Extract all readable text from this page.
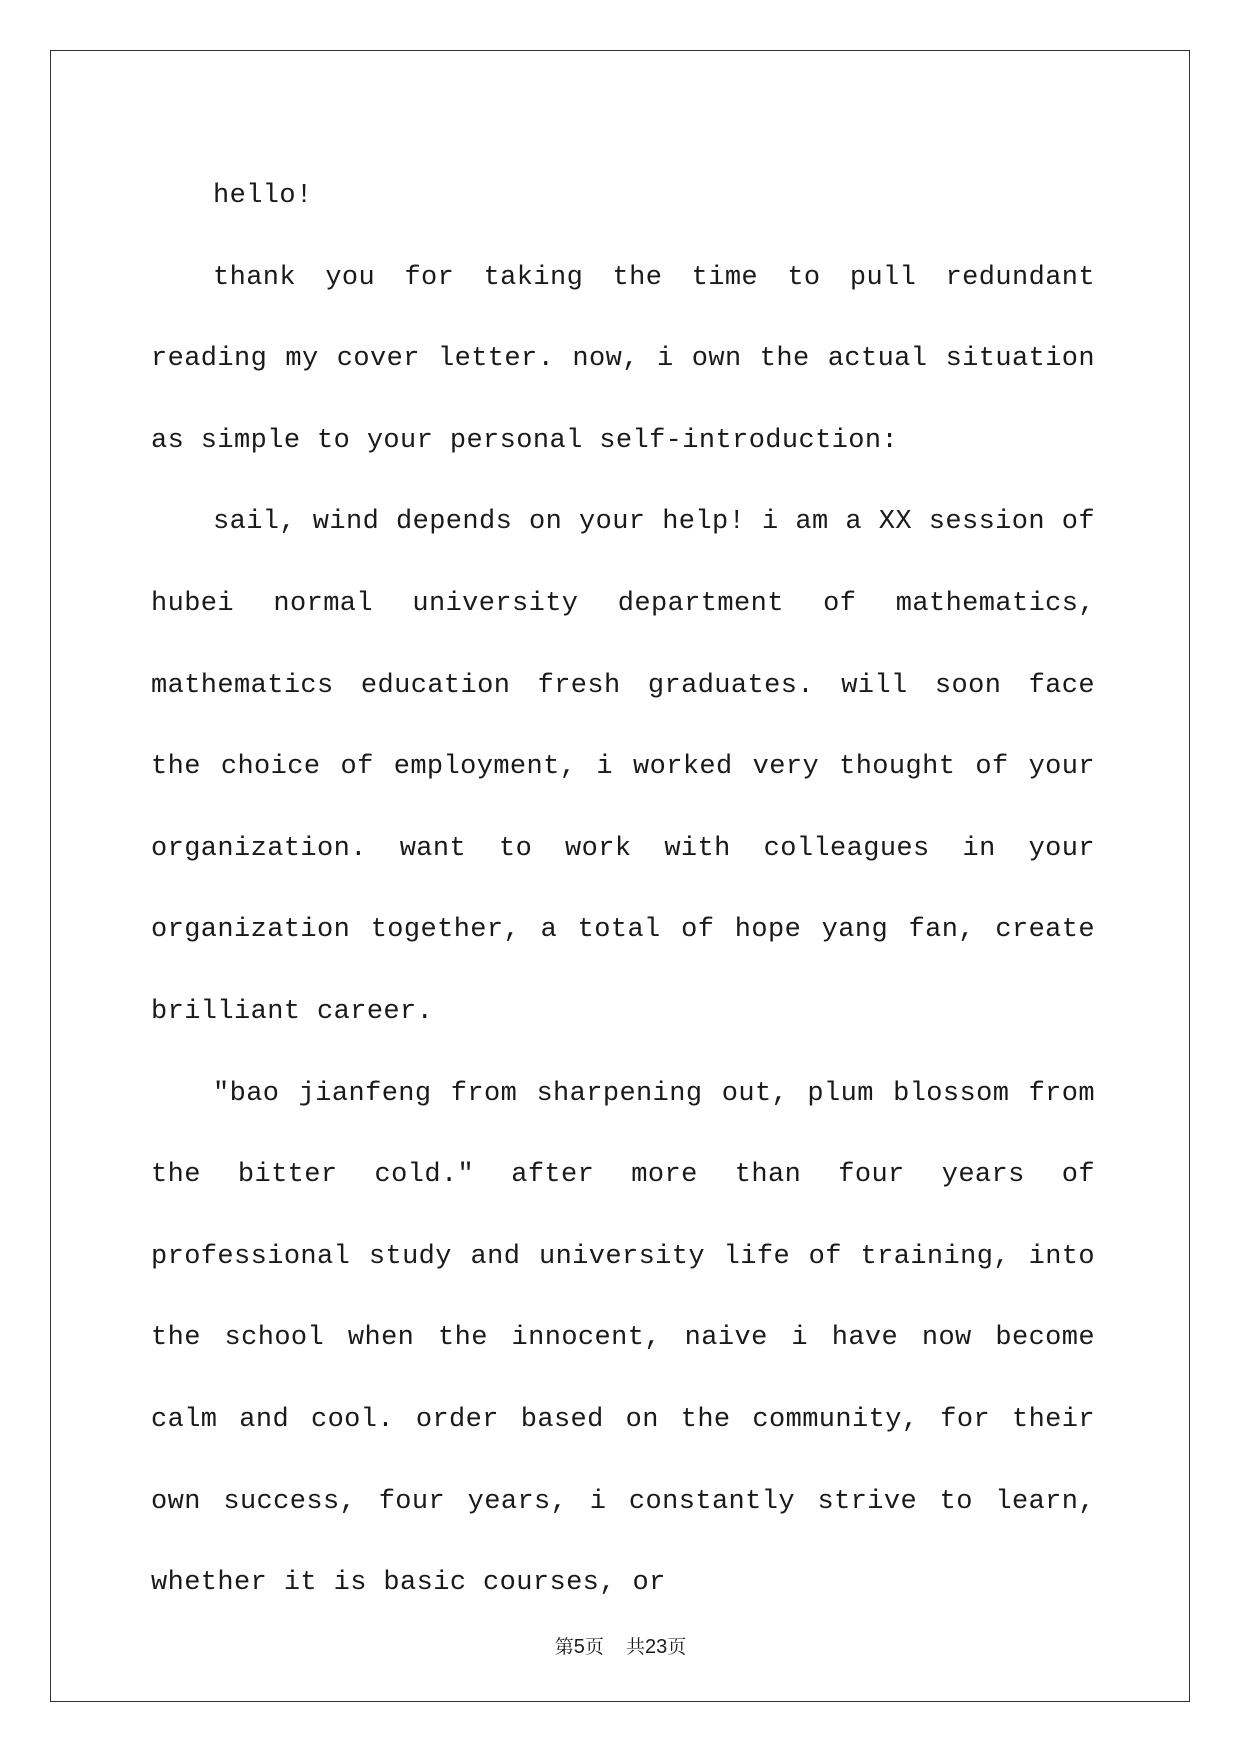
hello!

thank you for taking the time to pull redundant reading my cover letter. now, i own the actual situation as simple to your personal self-introduction:

sail, wind depends on your help! i am a XX session of hubei normal university department of mathematics, mathematics education fresh graduates. will soon face the choice of employment, i worked very thought of your organization. want to work with colleagues in your organization together, a total of hope yang fan, create brilliant career.

"bao jianfeng from sharpening out, plum blossom from the bitter cold." after more than four years of professional study and university life of training, into the school when the innocent, naive i have now become calm and cool. order based on the community, for their own success, four years, i constantly strive to learn, whether it is basic courses, or

第5页 共23页
